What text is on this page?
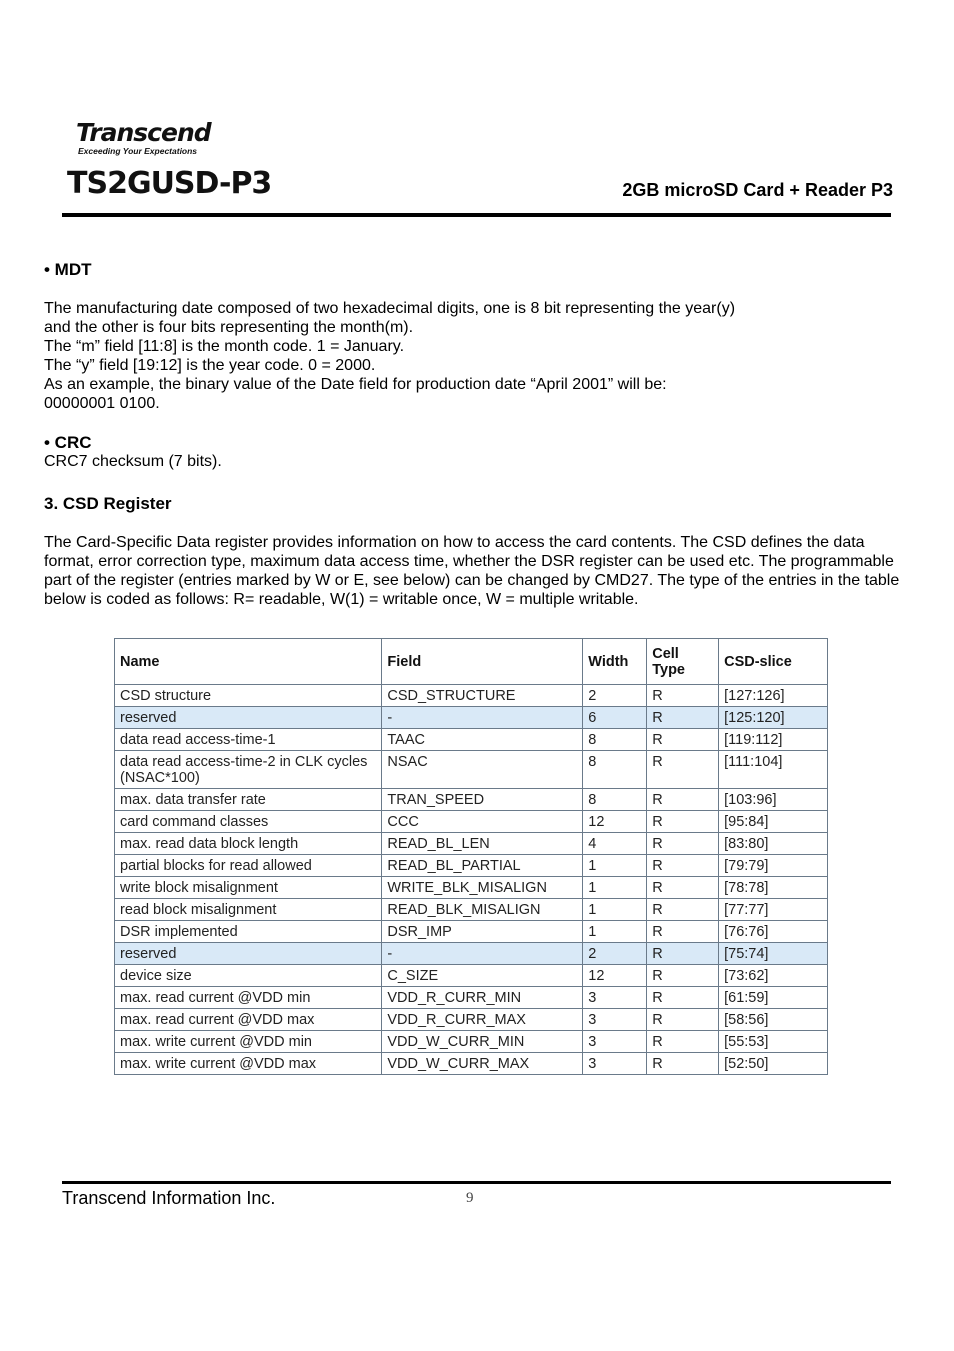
Transcend
Exceeding Your Expectations
TS2GUSD-P3	2GB microSD Card + Reader P3

• MDT

The manufacturing date composed of two hexadecimal digits, one is 8 bit representing the year(y)

and the other is four bits representing the month(m).

The “m” field [11:8] is the month code. 1 = January.

The “y” field [19:12] is the year code. 0 = 2000.

As an example, the binary value of the Date field for production date “April 2001” will be:

00000001 0100.

• CRC

CRC7 checksum (7 bits).

3. CSD Register

The Card-Specific Data register provides information on how to access the card contents. The CSD defines the data format, error correction type, maximum data access time, whether the DSR register can be used etc. The programmable part of the register (entries marked by W or E, see below) can be changed by CMD27. The type of the entries in the table below is coded as follows: R= readable, W(1) = writable once, W = multiple writable.

Name	Field	Width	Cell Type	CSD-slice
CSD structure	CSD_STRUCTURE	2	R	[127:126]
reserved	-	6	R	[125:120]
data read access-time-1	TAAC	8	R	[119:112]
data read access-time-2 in CLK cycles (NSAC*100)	NSAC	8	R	[111:104]
max. data transfer rate	TRAN_SPEED	8	R	[103:96]
card command classes	CCC	12	R	[95:84]
max. read data block length	READ_BL_LEN	4	R	[83:80]
partial blocks for read allowed	READ_BL_PARTIAL	1	R	[79:79]
write block misalignment	WRITE_BLK_MISALIGN	1	R	[78:78]
read block misalignment	READ_BLK_MISALIGN	1	R	[77:77]
DSR implemented	DSR_IMP	1	R	[76:76]
reserved	-	2	R	[75:74]
device size	C_SIZE	12	R	[73:62]
max. read current @VDD min	VDD_R_CURR_MIN	3	R	[61:59]
max. read current @VDD max	VDD_R_CURR_MAX	3	R	[58:56]
max. write current @VDD min	VDD_W_CURR_MIN	3	R	[55:53]
max. write current @VDD max	VDD_W_CURR_MAX	3	R	[52:50]
Transcend Information Inc.	9
